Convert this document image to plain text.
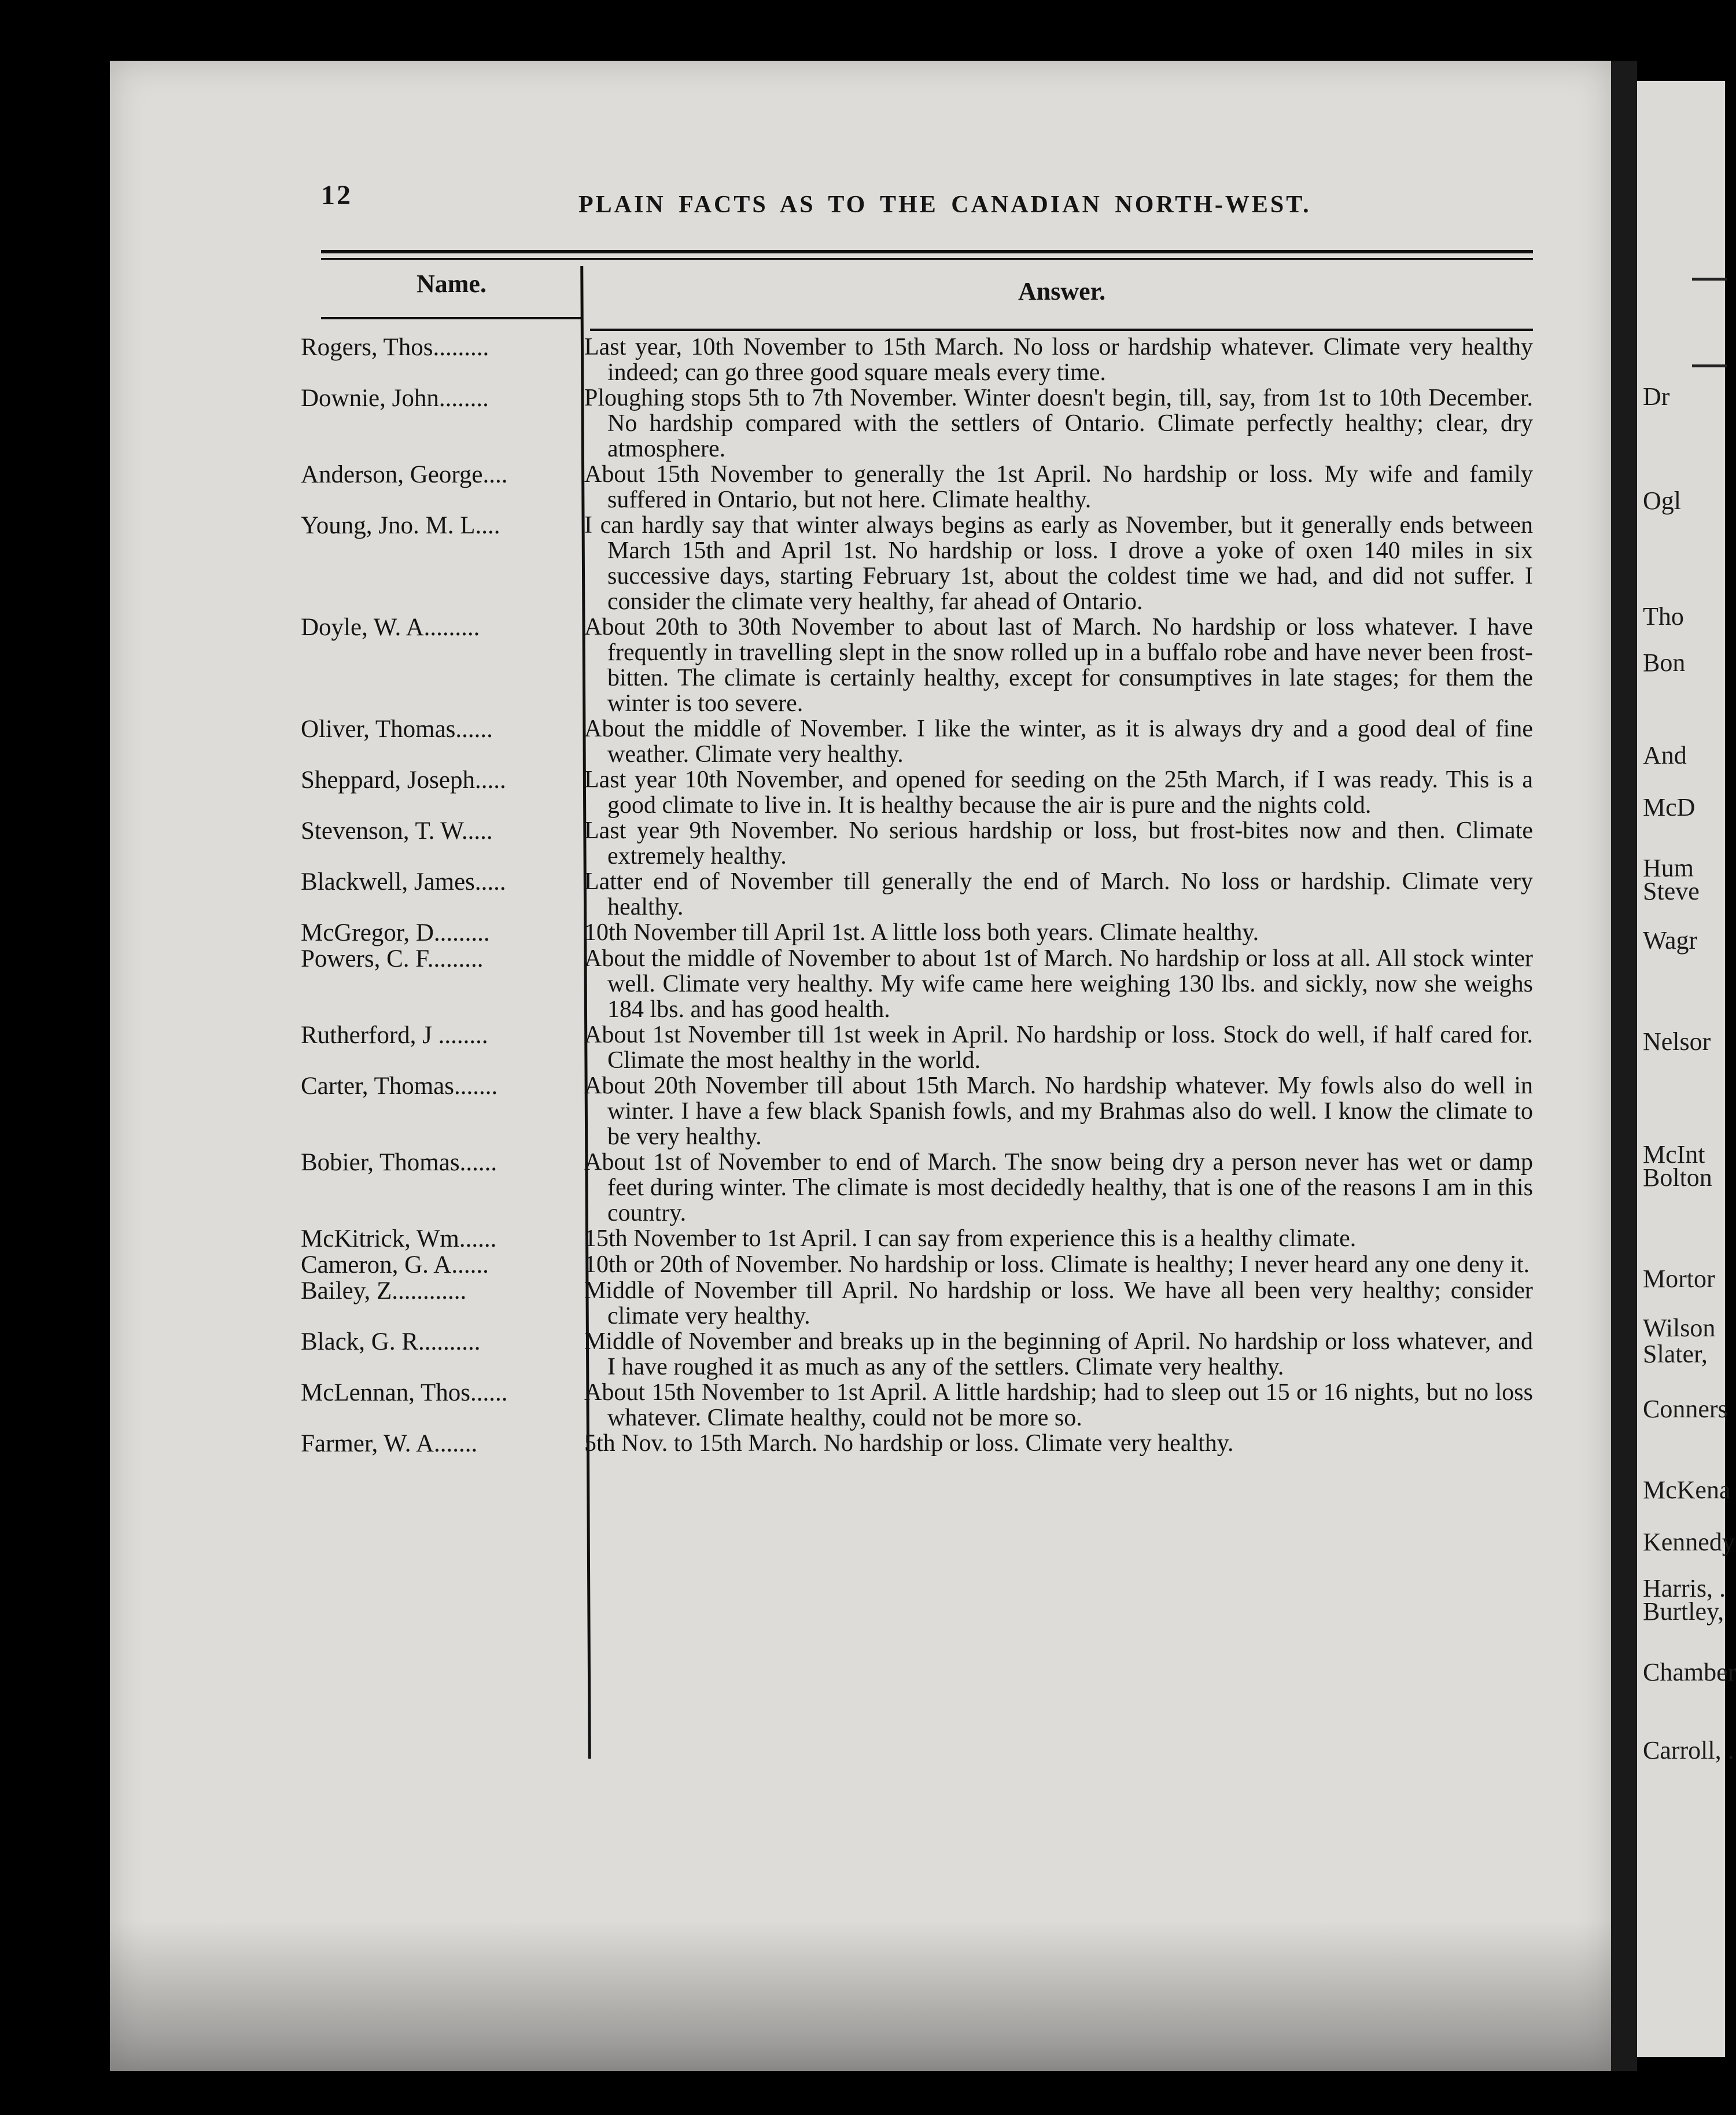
Dr
Ogl
Tho
Bon
And
McD
Hum
Steve
Wagr
Nelsor
McInt
Bolton
Mortor
Wilson
Slater,
Conners
McKena
Kennedy
Harris, .
Burtley,
Chamber
Carroll, .
12	PLAIN FACTS AS TO THE CANADIAN NORTH-WEST.
Name.	Answer.
Rogers, Thos.........	Last year, 10th November to 15th March. No loss or hardship whatever. Climate very healthy indeed; can go three good square meals every time.
Downie, John........	Ploughing stops 5th to 7th November. Winter doesn't begin, till, say, from 1st to 10th December. No hardship compared with the settlers of Ontario. Climate perfectly healthy; clear, dry atmosphere.
Anderson, George....	About 15th November to generally the 1st April. No hardship or loss. My wife and family suffered in Ontario, but not here. Climate healthy.
Young, Jno. M. L....	I can hardly say that winter always begins as early as November, but it generally ends between March 15th and April 1st. No hardship or loss. I drove a yoke of oxen 140 miles in six successive days, starting February 1st, about the coldest time we had, and did not suffer. I consider the climate very healthy, far ahead of Ontario.
Doyle, W. A.........	About 20th to 30th November to about last of March. No hardship or loss whatever. I have frequently in travelling slept in the snow rolled up in a buffalo robe and have never been frost-bitten. The climate is certainly healthy, except for consumptives in late stages; for them the winter is too severe.
Oliver, Thomas......	About the middle of November. I like the winter, as it is always dry and a good deal of fine weather. Climate very healthy.
Sheppard, Joseph.....	Last year 10th November, and opened for seeding on the 25th March, if I was ready. This is a good climate to live in. It is healthy because the air is pure and the nights cold.
Stevenson, T. W.....	Last year 9th November. No serious hardship or loss, but frost-bites now and then. Climate extremely healthy.
Blackwell, James.....	Latter end of November till generally the end of March. No loss or hardship. Climate very healthy.
McGregor, D.........	10th November till April 1st. A little loss both years. Climate healthy.
Powers, C. F.........	About the middle of November to about 1st of March. No hardship or loss at all. All stock winter well. Climate very healthy. My wife came here weighing 130 lbs. and sickly, now she weighs 184 lbs. and has good health.
Rutherford, J ........	About 1st November till 1st week in April. No hardship or loss. Stock do well, if half cared for. Climate the most healthy in the world.
Carter, Thomas.......	About 20th November till about 15th March. No hardship whatever. My fowls also do well in winter. I have a few black Spanish fowls, and my Brahmas also do well. I know the climate to be very healthy.
Bobier, Thomas......	About 1st of November to end of March. The snow being dry a person never has wet or damp feet during winter. The climate is most decidedly healthy, that is one of the reasons I am in this country.
McKitrick, Wm......	15th November to 1st April. I can say from experience this is a healthy climate.
Cameron, G. A......	10th or 20th of November. No hardship or loss. Climate is healthy; I never heard any one deny it.
Bailey, Z............	Middle of November till April. No hardship or loss. We have all been very healthy; consider climate very healthy.
Black, G. R..........	Middle of November and breaks up in the beginning of April. No hardship or loss whatever, and I have roughed it as much as any of the settlers. Climate very healthy.
McLennan, Thos......	About 15th November to 1st April. A little hardship; had to sleep out 15 or 16 nights, but no loss whatever. Climate healthy, could not be more so.
Farmer, W. A.......	5th Nov. to 15th March. No hardship or loss. Climate very healthy.
